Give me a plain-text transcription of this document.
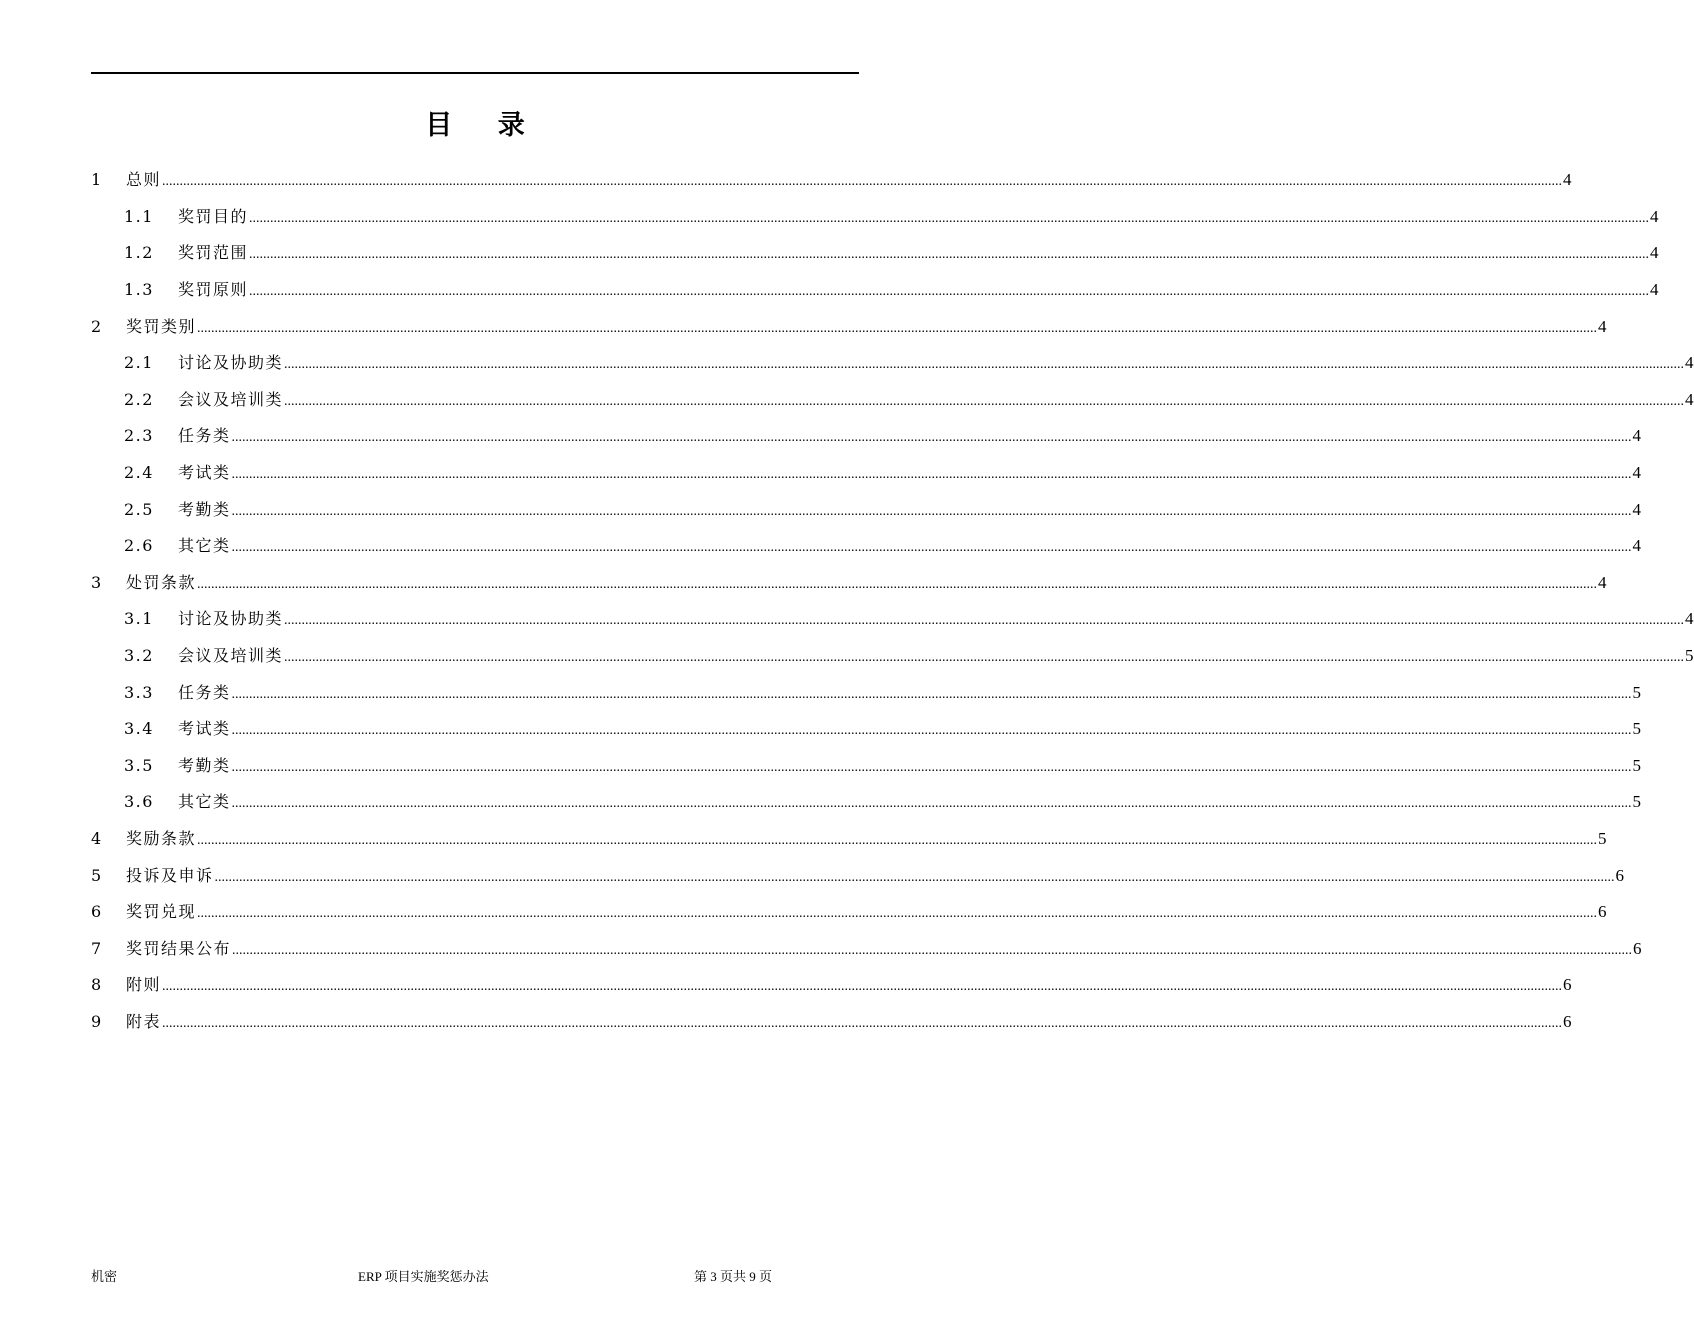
目 录
1	总则 ................................................................................................................................................................................................................................................................................................................................................................................................................ 4
1.1	奖罚目的 ................................................................................................................................................................................................................................................................................................................................................................................................................ 4
1.2	奖罚范围 ................................................................................................................................................................................................................................................................................................................................................................................................................ 4
1.3	奖罚原则 ................................................................................................................................................................................................................................................................................................................................................................................................................ 4
2	奖罚类别 ................................................................................................................................................................................................................................................................................................................................................................................................................ 4
2.1	讨论及协助类 ................................................................................................................................................................................................................................................................................................................................................................................................................ 4
2.2	会议及培训类 ................................................................................................................................................................................................................................................................................................................................................................................................................ 4
2.3	任务类 ................................................................................................................................................................................................................................................................................................................................................................................................................ 4
2.4	考试类 ................................................................................................................................................................................................................................................................................................................................................................................................................ 4
2.5	考勤类 ................................................................................................................................................................................................................................................................................................................................................................................................................ 4
2.6	其它类 ................................................................................................................................................................................................................................................................................................................................................................................................................ 4
3	处罚条款 ................................................................................................................................................................................................................................................................................................................................................................................................................ 4
3.1	讨论及协助类 ................................................................................................................................................................................................................................................................................................................................................................................................................ 4
3.2	会议及培训类 ................................................................................................................................................................................................................................................................................................................................................................................................................ 5
3.3	任务类 ................................................................................................................................................................................................................................................................................................................................................................................................................ 5
3.4	考试类 ................................................................................................................................................................................................................................................................................................................................................................................................................ 5
3.5	考勤类 ................................................................................................................................................................................................................................................................................................................................................................................................................ 5
3.6	其它类 ................................................................................................................................................................................................................................................................................................................................................................................................................ 5
4	奖励条款 ................................................................................................................................................................................................................................................................................................................................................................................................................ 5
5	投诉及申诉 ................................................................................................................................................................................................................................................................................................................................................................................................................ 6
6	奖罚兑现 ................................................................................................................................................................................................................................................................................................................................................................................................................ 6
7	奖罚结果公布 ................................................................................................................................................................................................................................................................................................................................................................................................................ 6
8	附则 ................................................................................................................................................................................................................................................................................................................................................................................................................ 6
9	附表 ................................................................................................................................................................................................................................................................................................................................................................................................................ 6
机密	ERP 项目实施奖惩办法	第 3 页共 9 页
